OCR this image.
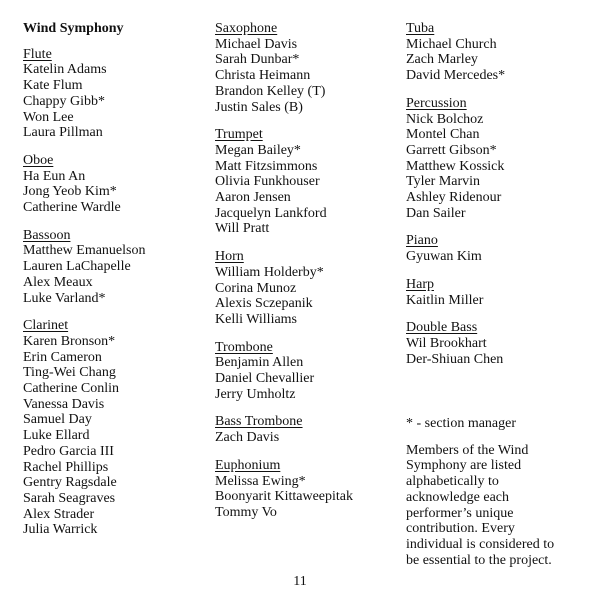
Wind Symphony
Flute
Katelin Adams
Kate Flum
Chappy Gibb*
Won Lee
Laura Pillman
Oboe
Ha Eun An
Jong Yeob Kim*
Catherine Wardle
Bassoon
Matthew Emanuelson
Lauren LaChapelle
Alex Meaux
Luke Varland*
Clarinet
Karen Bronson*
Erin Cameron
Ting-Wei Chang
Catherine Conlin
Vanessa Davis
Samuel Day
Luke Ellard
Pedro Garcia III
Rachel Phillips
Gentry Ragsdale
Sarah Seagraves
Alex Strader
Julia Warrick
Saxophone
Michael Davis
Sarah Dunbar*
Christa Heimann
Brandon Kelley (T)
Justin Sales (B)
Trumpet
Megan Bailey*
Matt Fitzsimmons
Olivia Funkhouser
Aaron Jensen
Jacquelyn Lankford
Will Pratt
Horn
William Holderby*
Corina Munoz
Alexis Sczepanik
Kelli Williams
Trombone
Benjamin Allen
Daniel Chevallier
Jerry Umholtz
Bass Trombone
Zach Davis
Euphonium
Melissa Ewing*
Boonyarit Kittaweepitak
Tommy Vo
Tuba
Michael Church
Zach Marley
David Mercedes*
Percussion
Nick Bolchoz
Montel Chan
Garrett Gibson*
Matthew Kossick
Tyler Marvin
Ashley Ridenour
Dan Sailer
Piano
Gyuwan Kim
Harp
Kaitlin Miller
Double Bass
Wil Brookhart
Der-Shiuan Chen
* - section manager
Members of the Wind Symphony are listed alphabetically to acknowledge each performer’s unique contribution. Every individual is considered to be essential to the project.
11
